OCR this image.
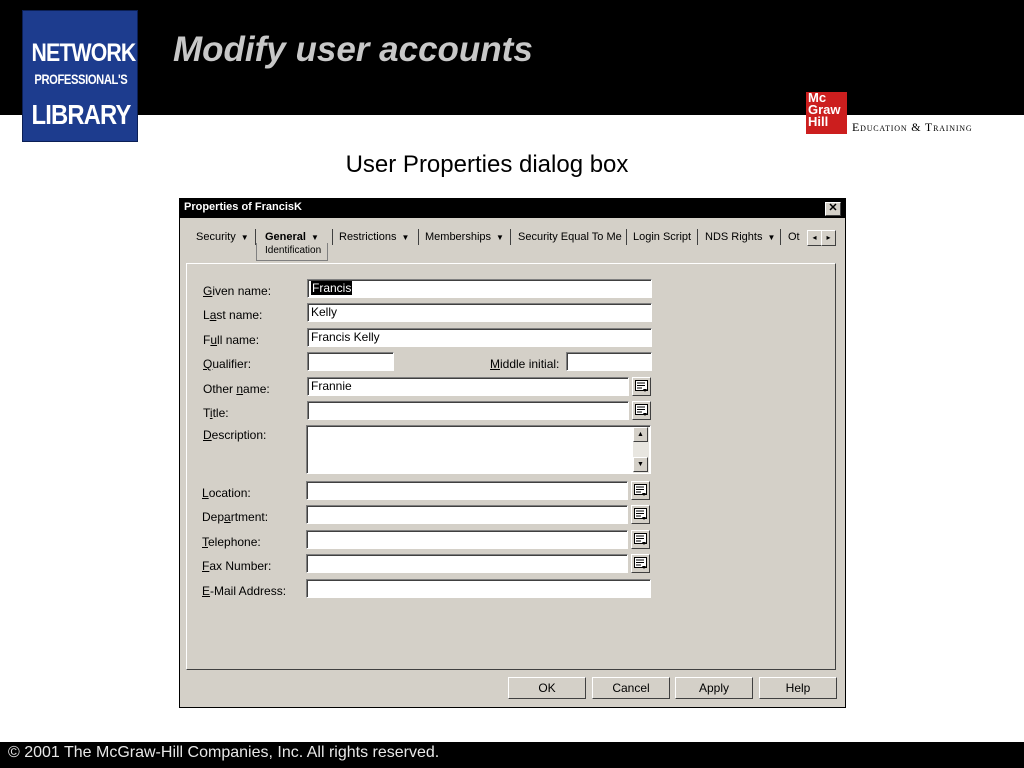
NETWORK
PROFESSIONAL'S
LIBRARY
Modify user accounts
Mc
Graw
Hill
OSBORNE
Education & Training
User Properties dialog box
Properties of FrancisK	✕
Security ▼ General ▼ Restrictions ▼ Memberships ▼ Security Equal To Me Login Script NDS Rights ▼ Ot	◂	▸
Identification
Given name:	Francis
Last name:	Kelly
Full name:	Francis Kelly
Qualifier:	Middle initial:
Other name:	Frannie
Title:
Description:	▲
▼
Location:
Department:
Telephone:
Fax Number:
E-Mail Address:
OK	Cancel	Apply	Help
© 2001 The McGraw-Hill Companies, Inc. All rights reserved.
